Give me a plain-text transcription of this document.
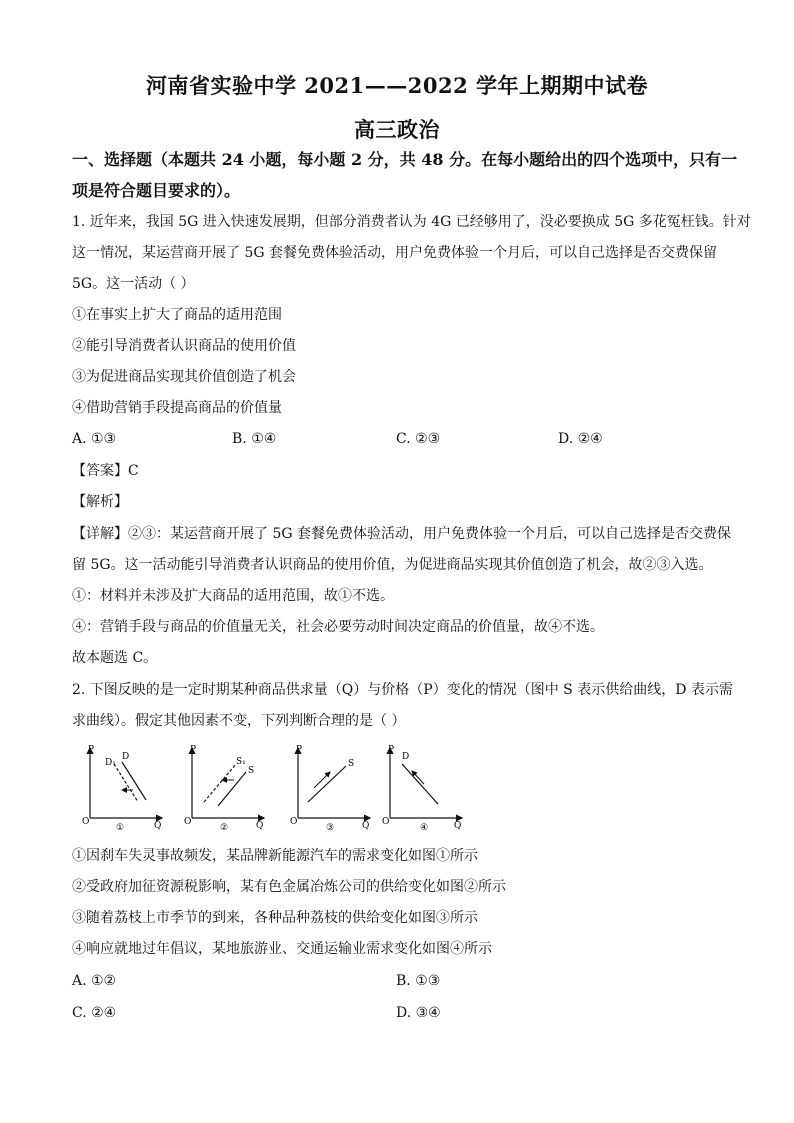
河南省实验中学 2021——2022 学年上期期中试卷
高三政治
一、选择题（本题共 24 小题，每小题 2 分，共 48 分。在每小题给出的四个选项中，只有一
项是符合题目要求的）。
1. 近年来，我国 5G 进入快速发展期，但部分消费者认为 4G 已经够用了，没必要换成 5G 多花冤枉钱。针对
这一情况，某运营商开展了 5G 套餐免费体验活动，用户免费体验一个月后，可以自己选择是否交费保留
5G。这一活动（ ）
①在事实上扩大了商品的适用范围
②能引导消费者认识商品的使用价值
③为促进商品实现其价值创造了机会
④借助营销手段提高商品的价值量
A. ①③	B. ①④	C. ②③	D. ②④
【答案】C
【解析】
【详解】②③：某运营商开展了 5G 套餐免费体验活动，用户免费体验一个月后，可以自己选择是否交费保
留 5G。这一活动能引导消费者认识商品的使用价值，为促进商品实现其价值创造了机会，故②③入选。
①：材料并未涉及扩大商品的适用范围，故①不选。
④：营销手段与商品的价值量无关，社会必要劳动时间决定商品的价值量，故④不选。
故本题选 C。
2. 下图反映的是一定时期某种商品供求量（Q）与价格（P）变化的情况（图中 S 表示供给曲线，D 表示需
求曲线）。假定其他因素不变，下列判断合理的是（ ）
P
O	Q
D₁
D
①
P
O	Q
S₁
S
②
P
O	Q
S
③
P
O	Q
D
④
①因刹车失灵事故频发，某品牌新能源汽车的需求变化如图①所示
②受政府加征资源税影响，某有色金属冶炼公司的供给变化如图②所示
③随着荔枝上市季节的到来，各种品种荔枝的供给变化如图③所示
④响应就地过年倡议，某地旅游业、交通运输业需求变化如图④所示
A. ①②	B. ①③
C. ②④	D. ③④
